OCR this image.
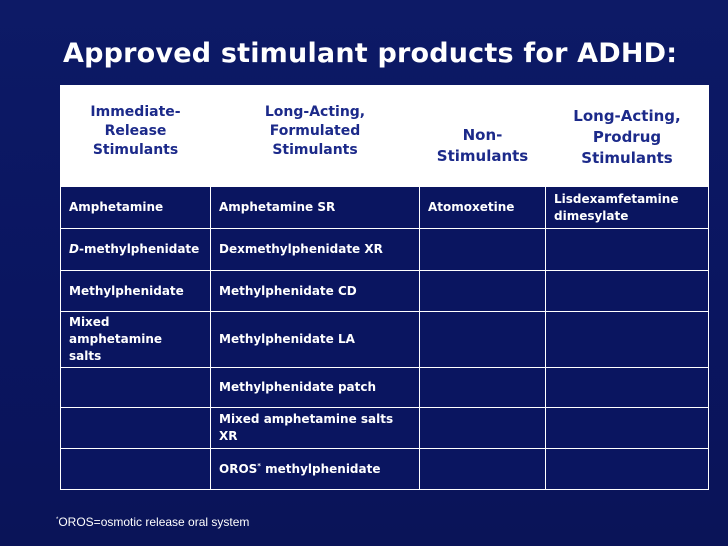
Approved stimulant products for ADHD:
Immediate-
Release
Stimulants	Long-Acting,
Formulated
Stimulants	Non-
Stimulants	Long-Acting,
Prodrug
Stimulants
Amphetamine	Amphetamine SR	Atomoxetine	Lisdexamfetamine dimesylate
D-methylphenidate	Dexmethylphenidate XR		
Methylphenidate	Methylphenidate CD		
Mixed amphetamine salts	Methylphenidate LA		
	Methylphenidate patch		
	Mixed amphetamine salts XR		
	OROS* methylphenidate		
*OROS=osmotic release oral system
